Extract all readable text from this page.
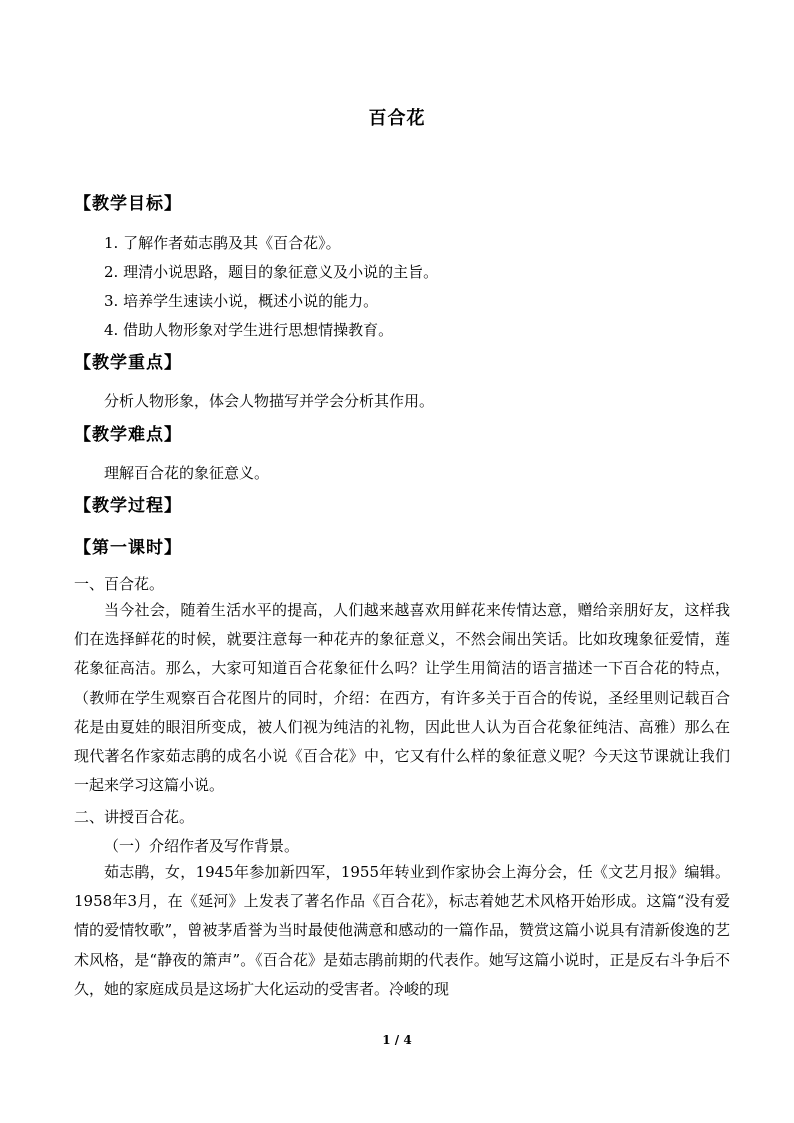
百合花
【教学目标】
1. 了解作者茹志鹃及其《百合花》。
2. 理清小说思路，题目的象征意义及小说的主旨。
3. 培养学生速读小说，概述小说的能力。
4. 借助人物形象对学生进行思想情操教育。
【教学重点】
分析人物形象，体会人物描写并学会分析其作用。
【教学难点】
理解百合花的象征意义。
【教学过程】
【第一课时】
一、百合花。
当今社会，随着生活水平的提高，人们越来越喜欢用鲜花来传情达意，赠给亲朋好友，这样我们在选择鲜花的时候，就要注意每一种花卉的象征意义，不然会闹出笑话。比如玫瑰象征爱情，莲花象征高洁。那么，大家可知道百合花象征什么吗？让学生用简洁的语言描述一下百合花的特点，（教师在学生观察百合花图片的同时，介绍：在西方，有许多关于百合的传说，圣经里则记载百合花是由夏娃的眼泪所变成，被人们视为纯洁的礼物，因此世人认为百合花象征纯洁、高雅）那么在现代著名作家茹志鹃的成名小说《百合花》中，它又有什么样的象征意义呢？今天这节课就让我们一起来学习这篇小说。
二、讲授百合花。
（一）介绍作者及写作背景。
茹志鹃，女，1945年参加新四军，1955年转业到作家协会上海分会，任《文艺月报》编辑。1958年3月，在《延河》上发表了著名作品《百合花》，标志着她艺术风格开始形成。这篇“没有爱情的爱情牧歌”，曾被茅盾誉为当时最使他满意和感动的一篇作品，赞赏这篇小说具有清新俊逸的艺术风格，是“静夜的箫声”。《百合花》是茹志鹃前期的代表作。她写这篇小说时，正是反右斗争后不久，她的家庭成员是这场扩大化运动的受害者。冷峻的现
1 / 4
